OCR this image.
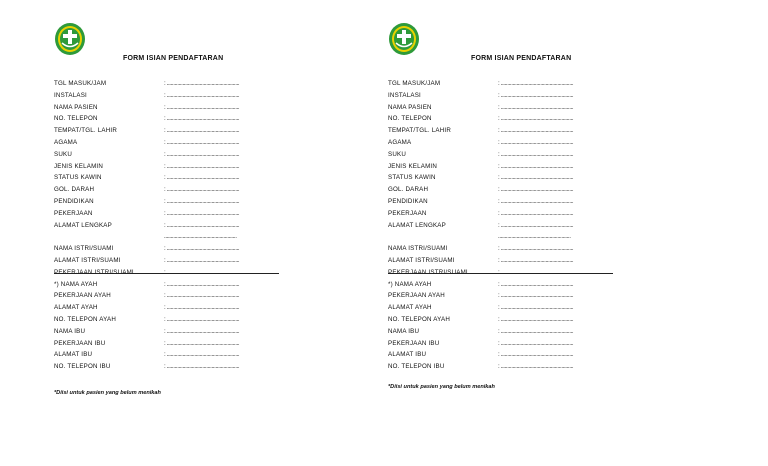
FORM ISIAN PENDAFTARAN
TGL MASUK/JAM	: .......................................................
INSTALASI	: .......................................................
NAMA PASIEN	: .......................................................
NO. TELEPON	: .......................................................
TEMPAT/TGL. LAHIR	: .......................................................
AGAMA	: .......................................................
SUKU	: .......................................................
JENIS KELAMIN	: .......................................................
STATUS KAWIN	: .......................................................
GOL. DARAH	: .......................................................
PENDIDIKAN	: .......................................................
PEKERJAAN	: .......................................................
ALAMAT LENGKAP	: .......................................................
.......................................................
NAMA ISTRI/SUAMI	: .......................................................
ALAMAT ISTRI/SUAMI	: .......................................................
PEKERJAAN ISTRI/SUAMI	: .......................................................
*) NAMA AYAH	: .......................................................
PEKERJAAN AYAH	: .......................................................
ALAMAT AYAH	: .......................................................
NO. TELEPON AYAH	: .......................................................
NAMA IBU	: .......................................................
PEKERJAAN IBU	: .......................................................
ALAMAT IBU	: .......................................................
NO. TELEPON IBU	: .......................................................
*Diisi untuk pasien yang belum menikah
FORM ISIAN PENDAFTARAN
TGL MASUK/JAM	: .......................................................
INSTALASI	: .......................................................
NAMA PASIEN	: .......................................................
NO. TELEPON	: .......................................................
TEMPAT/TGL. LAHIR	: .......................................................
AGAMA	: .......................................................
SUKU	: .......................................................
JENIS KELAMIN	: .......................................................
STATUS KAWIN	: .......................................................
GOL. DARAH	: .......................................................
PENDIDIKAN	: .......................................................
PEKERJAAN	: .......................................................
ALAMAT LENGKAP	: .......................................................
.......................................................
NAMA ISTRI/SUAMI	: .......................................................
ALAMAT ISTRI/SUAMI	: .......................................................
PEKERJAAN ISTRI/SUAMI	: .......................................................
*) NAMA AYAH	: .......................................................
PEKERJAAN AYAH	: .......................................................
ALAMAT AYAH	: .......................................................
NO. TELEPON AYAH	: .......................................................
NAMA IBU	: .......................................................
PEKERJAAN IBU	: .......................................................
ALAMAT IBU	: .......................................................
NO. TELEPON IBU	: .......................................................
*Diisi untuk pasien yang belum menikah
